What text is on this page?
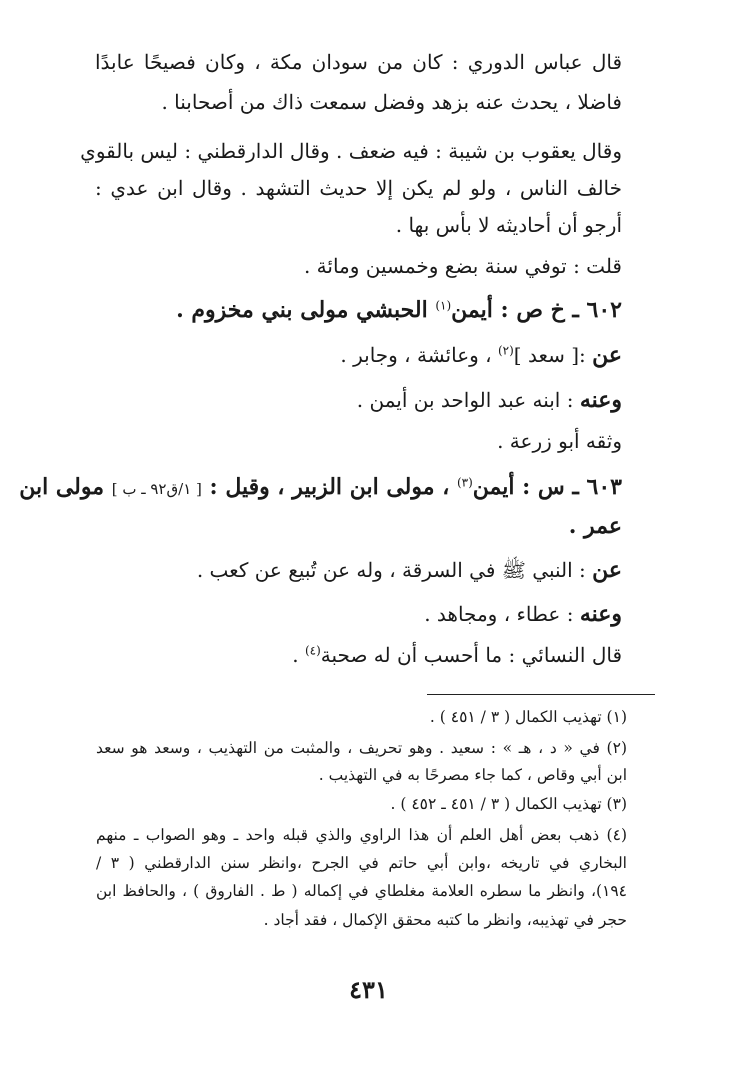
قال عباس الدوري : كان من سودان مكة ، وكان فصيحًا عابدًا
فاضلا ، يحدث عنه بزهد وفضل سمعت ذاك من أصحابنا .
وقال يعقوب بن شيبة : فيه ضعف . وقال الدارقطني : ليس بالقوي
خالف الناس ، ولو لم يكن إلا حديث التشهد . وقال ابن عدي :
أرجو أن أحاديثه لا بأس بها .
قلت : توفي سنة بضع وخمسين ومائة .
٦٠٢ ـ خ ص : أيمن$^{(١)}$ الحبشي مولى بني مخزوم .
عن :[ سعد ]$^{(٢)}$ ، وعائشة ، وجابر .
وعنه : ابنه عبد الواحد بن أيمن .
وثقه أبو زرعة .
٦٠٣ ـ س : أيمن$^{(٣)}$ ، مولى ابن الزبير ، وقيل : [ ١/ق٩٢ ـ ب ] مولى ابن
عمر .
عن : النبي ﷺ في السرقة ، وله عن تُبيع عن كعب .
وعنه : عطاء ، ومجاهد .
قال النسائي : ما أحسب أن له صحبة$^{(٤)}$ .
(١) تهذيب الكمال ( ٣ / ٤٥١ ) .
(٢) في « د ، هـ » : سعيد . وهو تحريف ، والمثبت من التهذيب ، وسعد هو سعد
ابن أبي وقاص ، كما جاء مصرحًا به في التهذيب .
(٣) تهذيب الكمال ( ٣ / ٤٥١ ـ ٤٥٢ ) .
(٤) ذهب بعض أهل العلم أن هذا الراوي والذي قبله واحد ـ وهو الصواب ـ منهم
البخاري في تاريخه ،وابن أبي حاتم في الجرح ،وانظر سنن الدارقطني ( ٣ /
١٩٤)، وانظر ما سطره العلامة مغلطاي في إكماله ( ط . الفاروق ) ، والحافظ ابن
حجر في تهذيبه، وانظر ما كتبه محقق الإكمال ، فقد أجاد .
٤٣١
